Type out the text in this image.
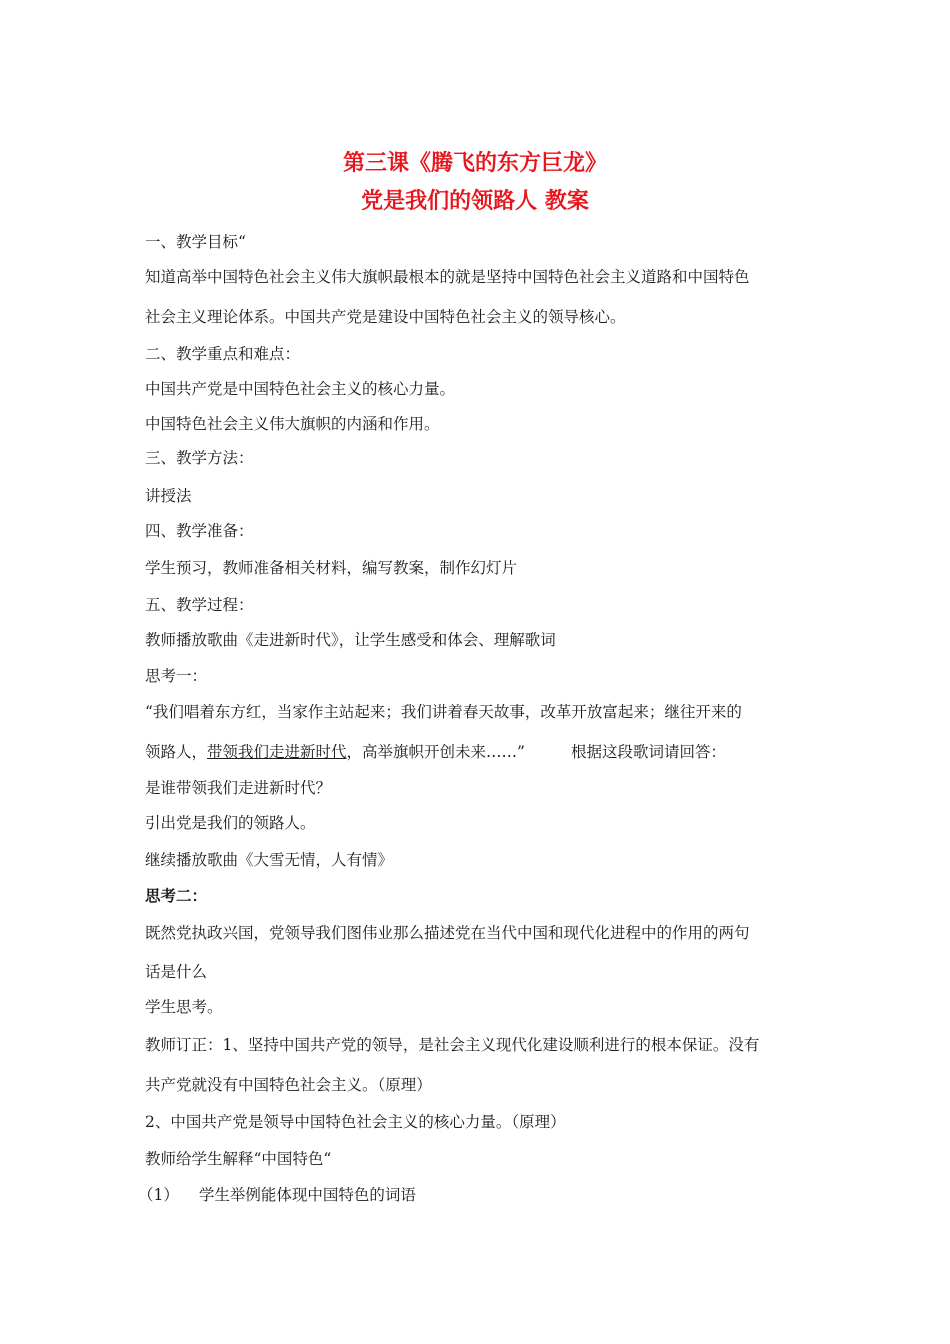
第三课《腾飞的东方巨龙》
党是我们的领路人 教案
一、教学目标“
知道高举中国特色社会主义伟大旗帜最根本的就是坚持中国特色社会主义道路和中国特色
社会主义理论体系。中国共产党是建设中国特色社会主义的领导核心。
二、教学重点和难点：
中国共产党是中国特色社会主义的核心力量。
中国特色社会主义伟大旗帜的内涵和作用。
三、教学方法：
讲授法
四、教学准备：
学生预习，教师准备相关材料，编写教案，制作幻灯片
五、教学过程：
教师播放歌曲《走进新时代》，让学生感受和体会、理解歌词
思考一：
“我们唱着东方红，当家作主站起来；我们讲着春天故事，改革开放富起来；继往开来的
领路人，带领我们走进新时代，高举旗帜开创未来……”	根据这段歌词请回答：
是谁带领我们走进新时代？
引出党是我们的领路人。
继续播放歌曲《大雪无情，人有情》
思考二：
既然党执政兴国，党领导我们图伟业那么描述党在当代中国和现代化进程中的作用的两句
话是什么
学生思考。
教师订正：1、坚持中国共产党的领导，是社会主义现代化建设顺利进行的根本保证。没有
共产党就没有中国特色社会主义。（原理）
2、中国共产党是领导中国特色社会主义的核心力量。（原理）
教师给学生解释“中国特色“
（1） 学生举例能体现中国特色的词语
